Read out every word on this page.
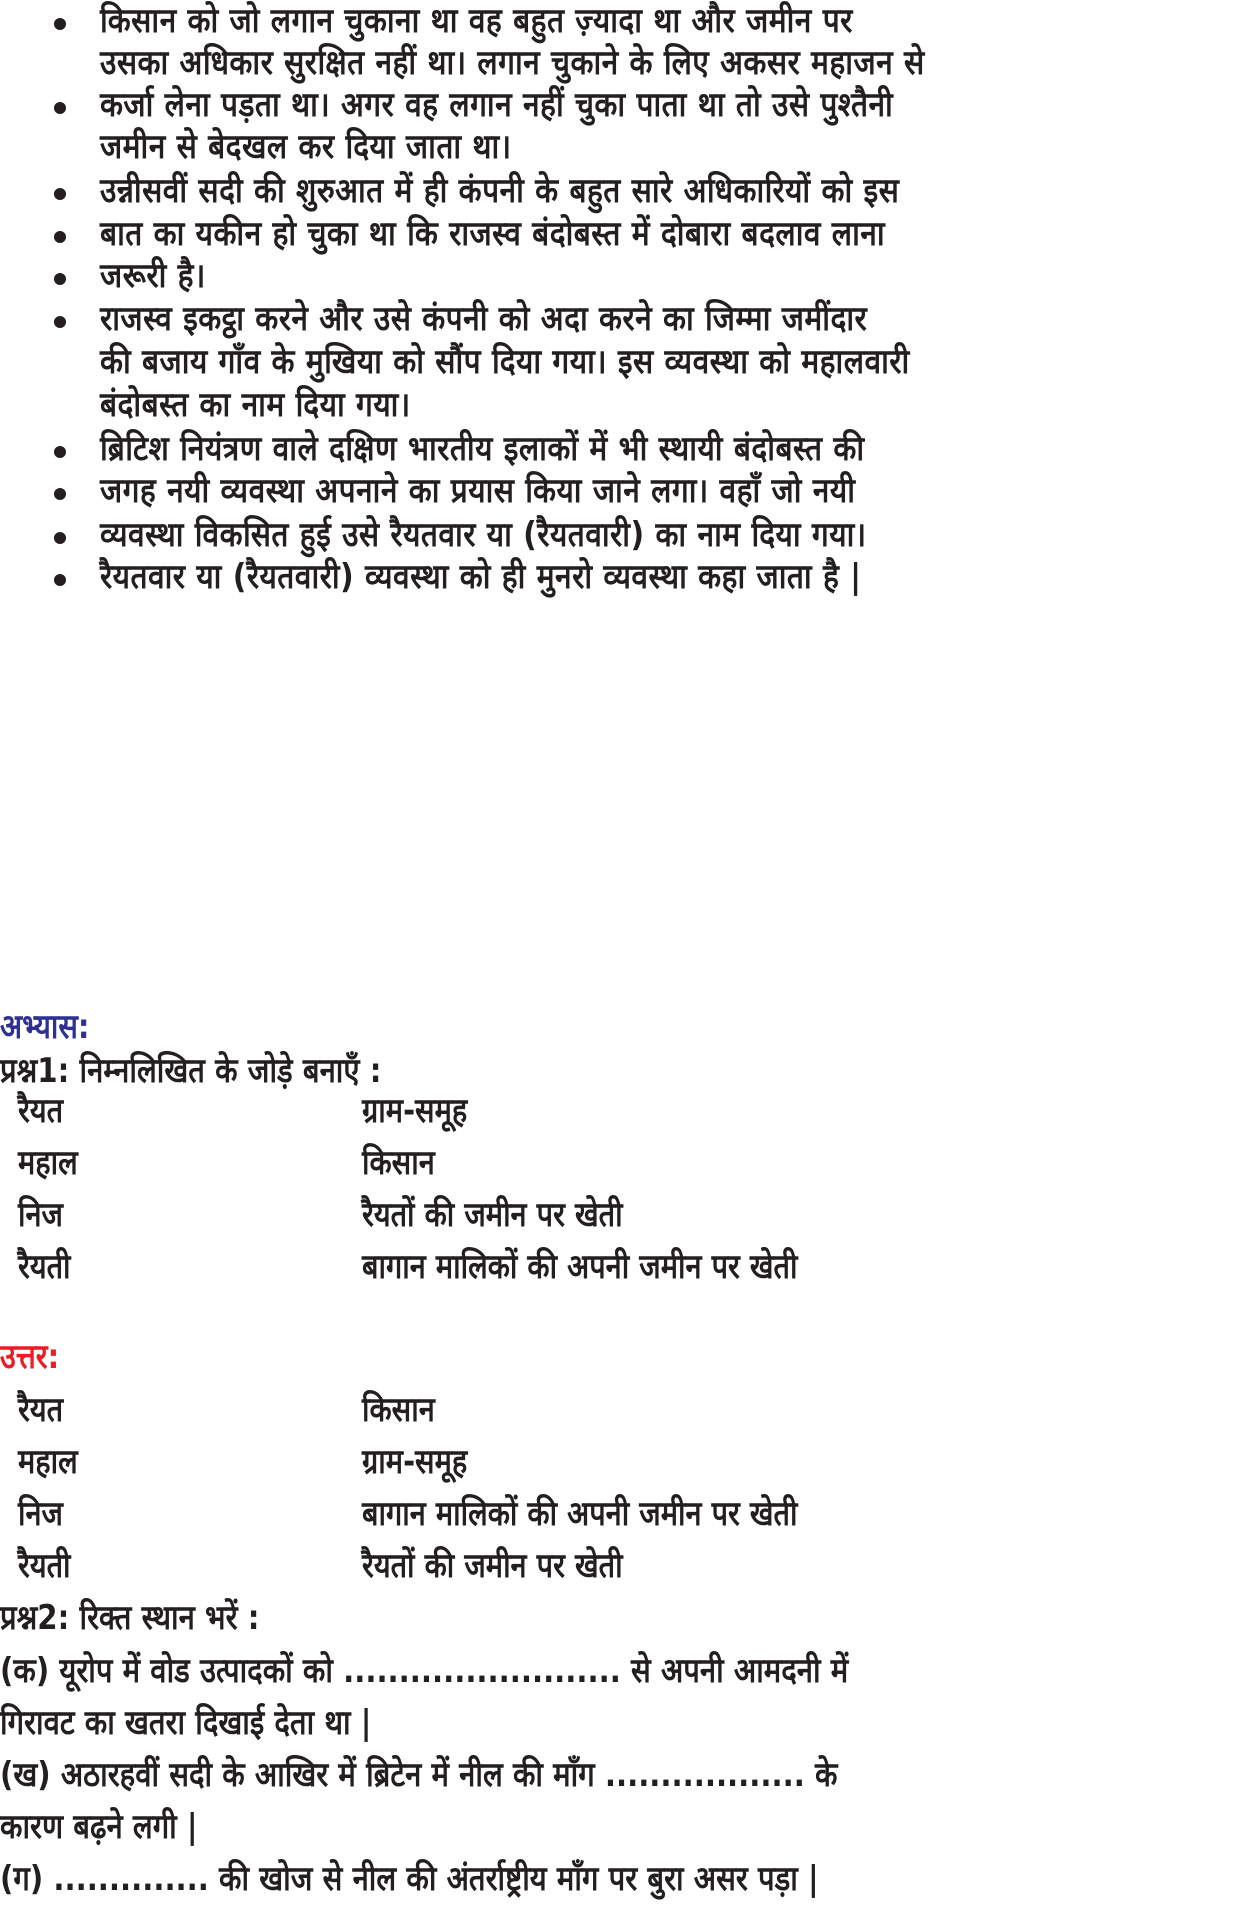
किसान को जो लगान चुकाना था वह बहुत ज़्यादा था और जमीन पर
उसका अधिकार सुरक्षित नहीं था। लगान चुकाने के लिए अकसर महाजन से
कर्जा लेना पड़ता था। अगर वह लगान नहीं चुका पाता था तो उसे पुश्तैनी
जमीन से बेदखल कर दिया जाता था।
उन्नीसवीं सदी की शुरुआत में ही कंपनी के बहुत सारे अधिकारियों को इस
बात का यकीन हो चुका था कि राजस्व बंदोबस्त में दोबारा बदलाव लाना
जरूरी है।
राजस्व इकट्ठा करने और उसे कंपनी को अदा करने का जिम्मा जमींदार
की बजाय गाँव के मुखिया को सौंप दिया गया। इस व्यवस्था को महालवारी
बंदोबस्त का नाम दिया गया।
ब्रिटिश नियंत्रण वाले दक्षिण भारतीय इलाकों में भी स्थायी बंदोबस्त की
जगह नयी व्यवस्था अपनाने का प्रयास किया जाने लगा। वहाँ जो नयी
व्यवस्था विकसित हुई उसे रैयतवार या (रैयतवारी) का नाम दिया गया।
रैयतवार या (रैयतवारी) व्यवस्था को ही मुनरो व्यवस्था कहा जाता है |
अभ्यास:
प्रश्न1: निम्नलिखित के जोड़े बनाएँ :
रैयत	ग्राम-समूह
महाल	किसान
निज	रैयतों की जमीन पर खेती
रैयती	बागान मालिकों की अपनी जमीन पर खेती
उत्तर:
रैयत	किसान
महाल	ग्राम-समूह
निज	बागान मालिकों की अपनी जमीन पर खेती
रैयती	रैयतों की जमीन पर खेती
प्रश्न2: रिक्त स्थान भरें :
(क) यूरोप में वोड उत्पादकों को ......................... से अपनी आमदनी में
गिरावट का खतरा दिखाई देता था |
(ख) अठारहवीं सदी के आखिर में ब्रिटेन में नील की माँग .................. के
कारण बढ़ने लगी |
(ग) .............. की खोज से नील की अंतर्राष्ट्रीय माँग पर बुरा असर पड़ा |
